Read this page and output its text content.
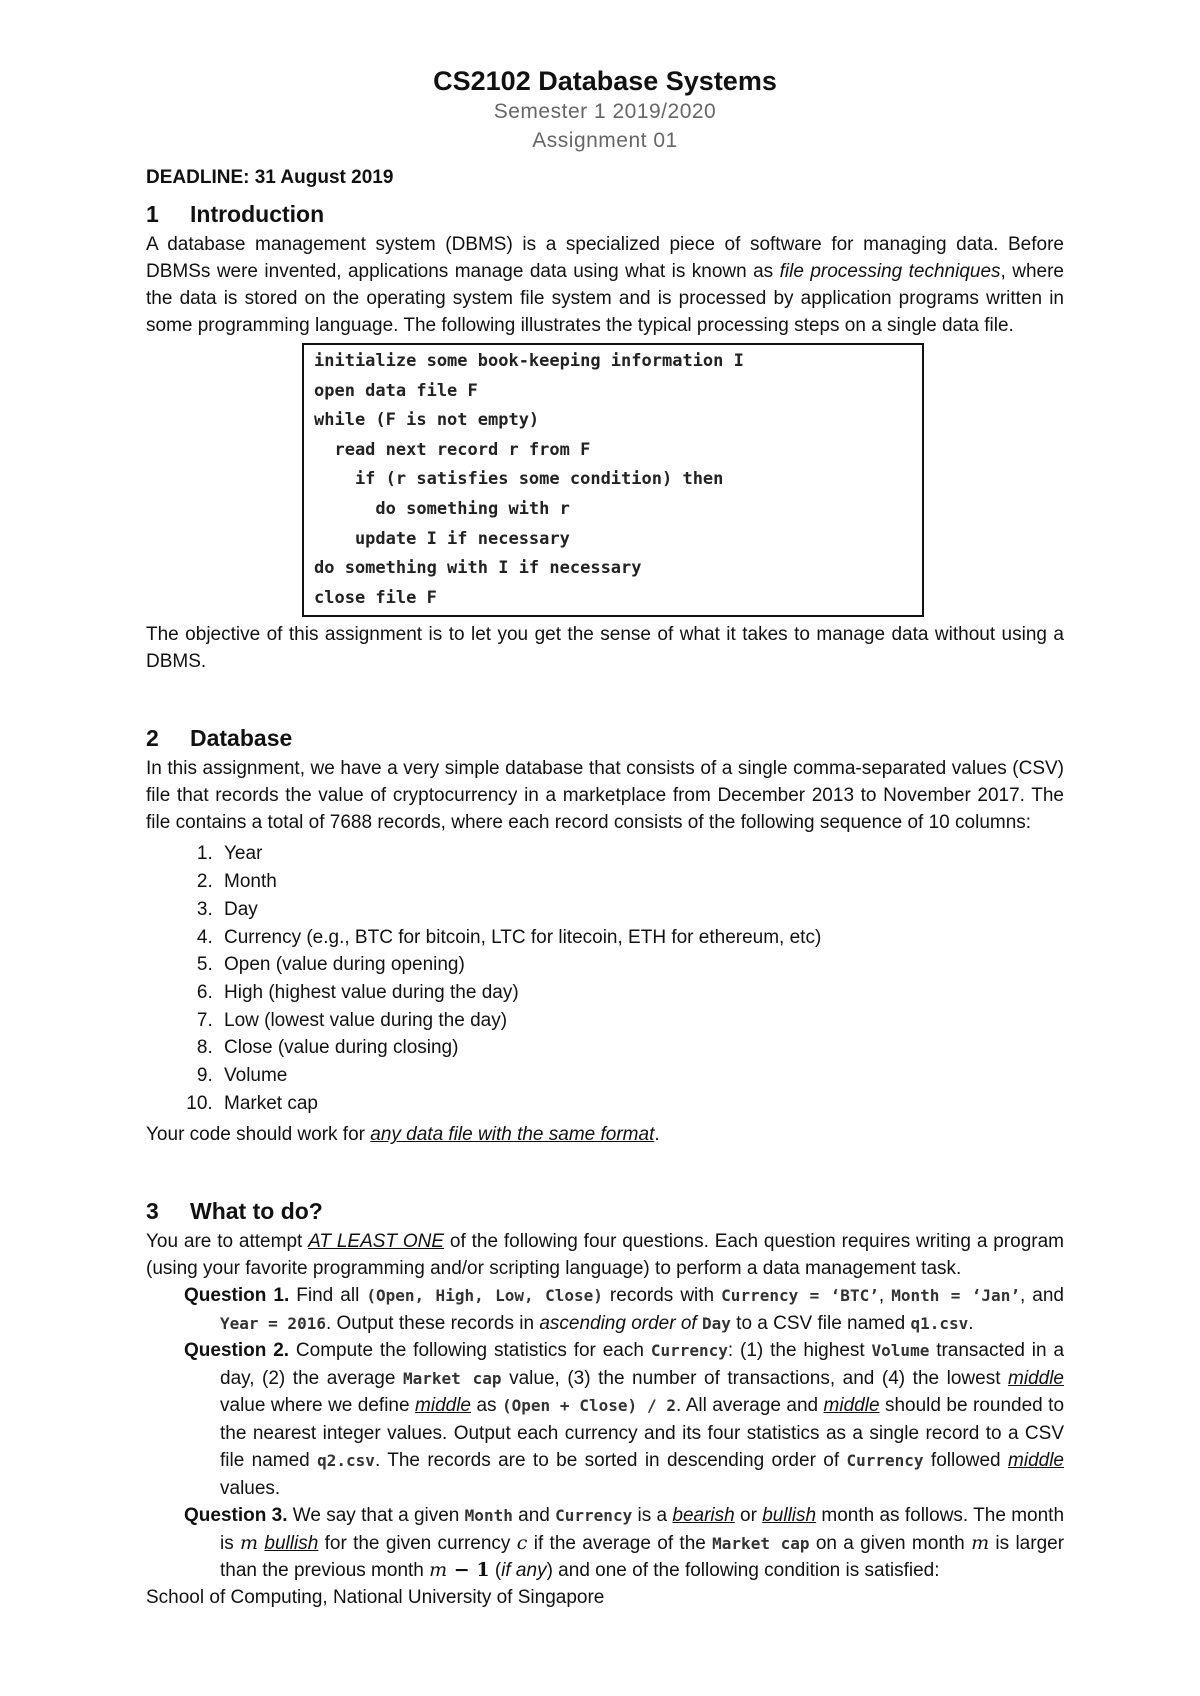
CS2102 Database Systems
Semester 1 2019/2020
Assignment 01
DEADLINE: 31 August 2019
1 Introduction

A database management system (DBMS) is a specialized piece of software for managing data. Before DBMSs were invented, applications manage data using what is known as file processing techniques, where the data is stored on the operating system file system and is processed by application programs written in some programming language. The following illustrates the typical processing steps on a single data file.

initialize some book-keeping information I
open data file F
while (F is not empty)
read next record r from F
if (r satisfies some condition) then
do something with r
update I if necessary
do something with I if necessary
close file F

The objective of this assignment is to let you get the sense of what it takes to manage data without using a DBMS.

2 Database

In this assignment, we have a very simple database that consists of a single comma-separated values (CSV) file that records the value of cryptocurrency in a marketplace from December 2013 to November 2017. The file contains a total of 7688 records, where each record consists of the following sequence of 10 columns:

1. Year
2. Month
3. Day
4. Currency (e.g., BTC for bitcoin, LTC for litecoin, ETH for ethereum, etc)
5. Open (value during opening)
6. High (highest value during the day)
7. Low (lowest value during the day)
8. Close (value during closing)
9. Volume
10. Market cap

Your code should work for any data file with the same format.

3 What to do?

You are to attempt AT LEAST ONE of the following four questions. Each question requires writing a program (using your favorite programming and/or scripting language) to perform a data management task.

Question 1. Find all (Open, High, Low, Close) records with Currency = ‘BTC’, Month = ‘Jan’, and Year = 2016. Output these records in ascending order of Day to a CSV file named q1.csv.

Question 2. Compute the following statistics for each Currency: (1) the highest Volume transacted in a day, (2) the average Market cap value, (3) the number of transactions, and (4) the lowest middle value where we define middle as (Open + Close) / 2. All average and middle should be rounded to the nearest integer values. Output each currency and its four statistics as a single record to a CSV file named q2.csv. The records are to be sorted in descending order of Currency followed middle values.

Question 3. We say that a given Month and Currency is a bearish or bullish month as follows. The month is m bullish for the given currency c if the average of the Market cap on a given month m is larger than the previous month m − 1 (if any) and one of the following condition is satisfied:

School of Computing, National University of Singapore
